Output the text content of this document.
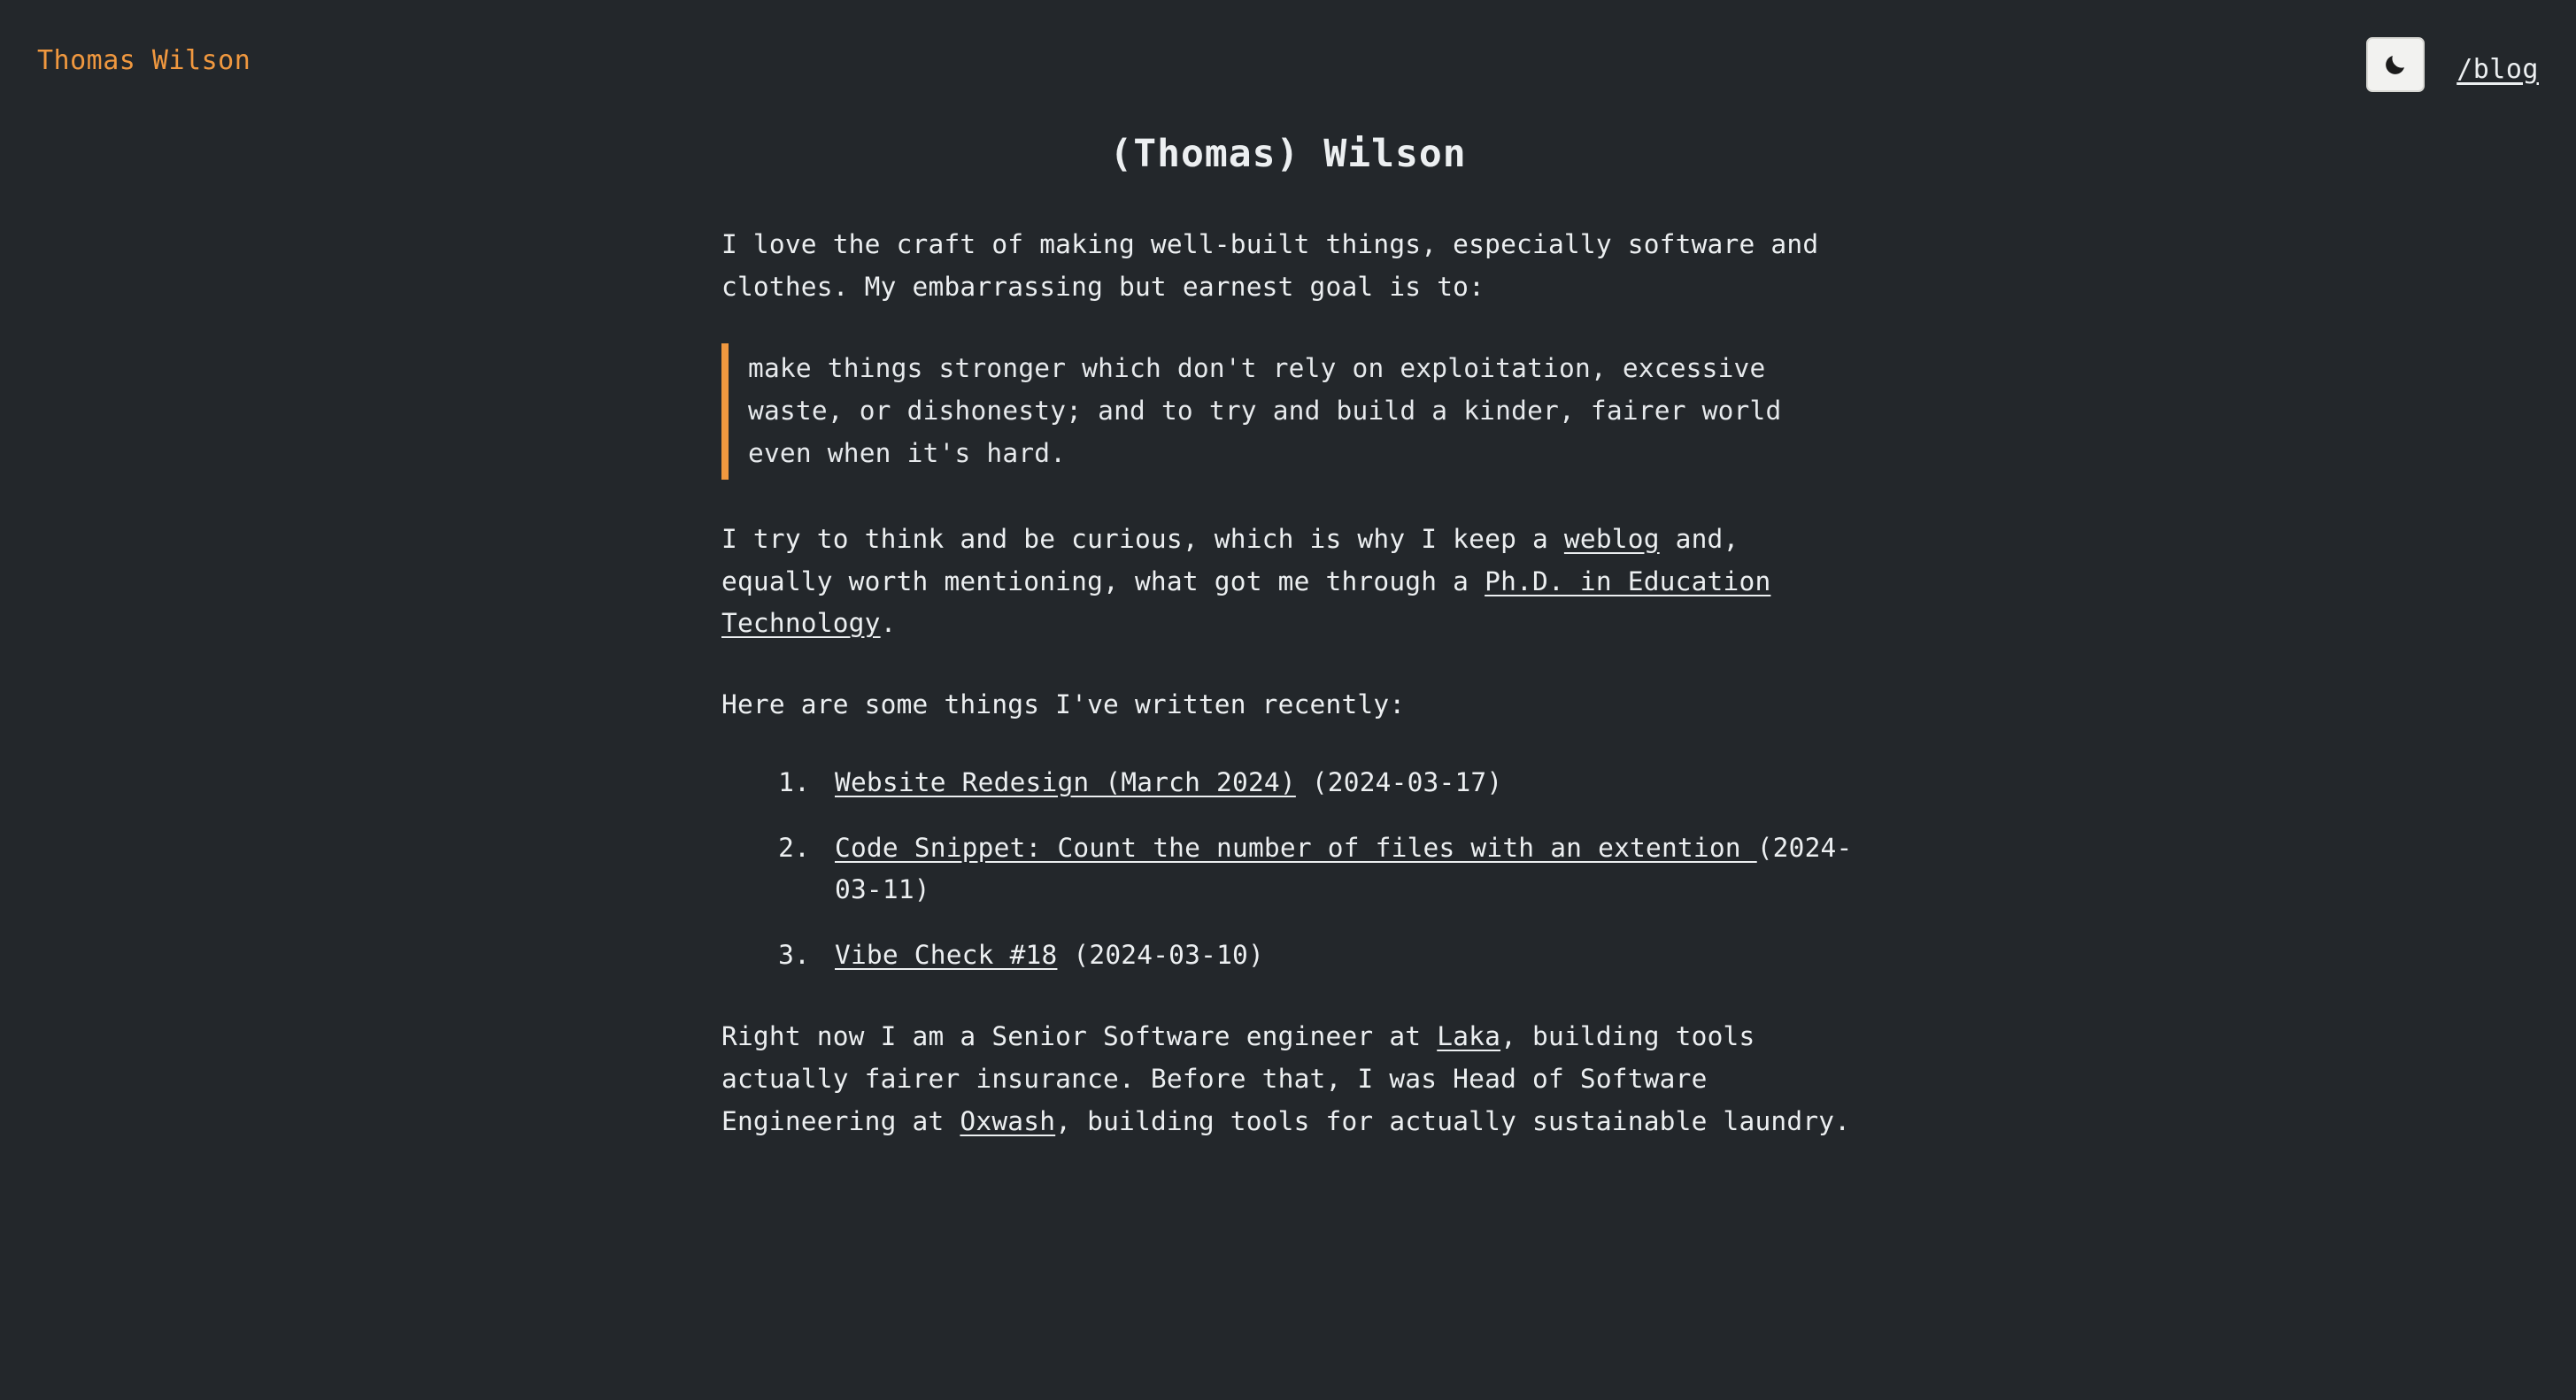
Thomas Wilson	/blog
(Thomas) Wilson

I love the craft of making well-built things, especially software and clothes. My embarrassing but earnest goal is to:

make things stronger which don't rely on exploitation, excessive waste, or dishonesty; and to try and build a kinder, fairer world even when it's hard.

I try to think and be curious, which is why I keep a weblog and, equally worth mentioning, what got me through a Ph.D. in Education Technology.

Here are some things I've written recently:

1. Website Redesign (March 2024) (2024-03-17)
2. Code Snippet: Count the number of files with an extention (2024-03-11)
3. Vibe Check #18 (2024-03-10)

Right now I am a Senior Software engineer at Laka, building tools actually fairer insurance. Before that, I was Head of Software Engineering at Oxwash, building tools for actually sustainable laundry.
